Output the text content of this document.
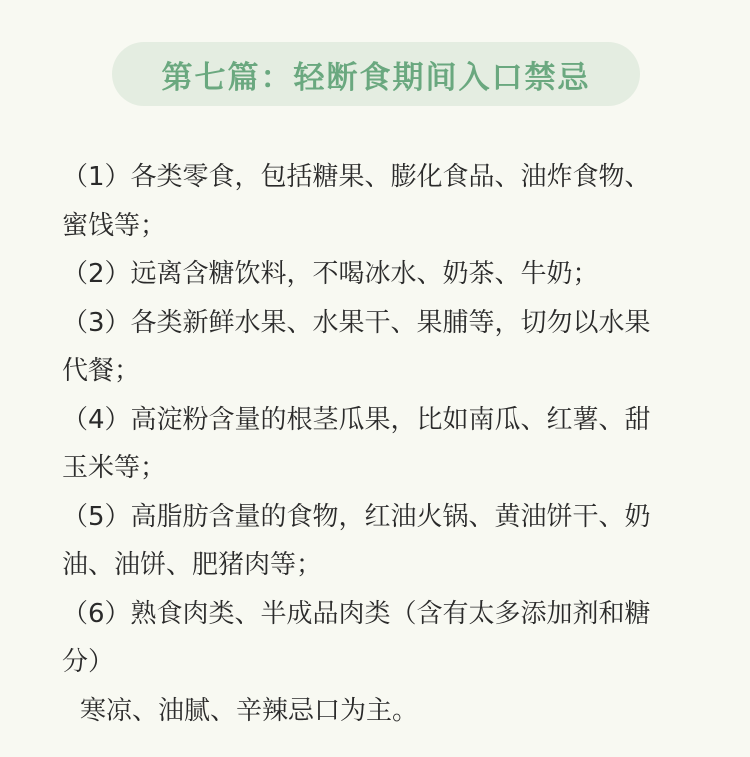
第七篇：轻断食期间入口禁忌
（1）各类零食，包括糖果、膨化食品、油炸食物、
蜜饯等；
（2）远离含糖饮料，不喝冰水、奶茶、牛奶；
（3）各类新鲜水果、水果干、果脯等，切勿以水果
代餐；
（4）高淀粉含量的根茎瓜果，比如南瓜、红薯、甜
玉米等；
（5）高脂肪含量的食物，红油火锅、黄油饼干、奶
油、油饼、肥猪肉等；
（6）熟食肉类、半成品肉类（含有太多添加剂和糖
分）
寒凉、油腻、辛辣忌口为主。
